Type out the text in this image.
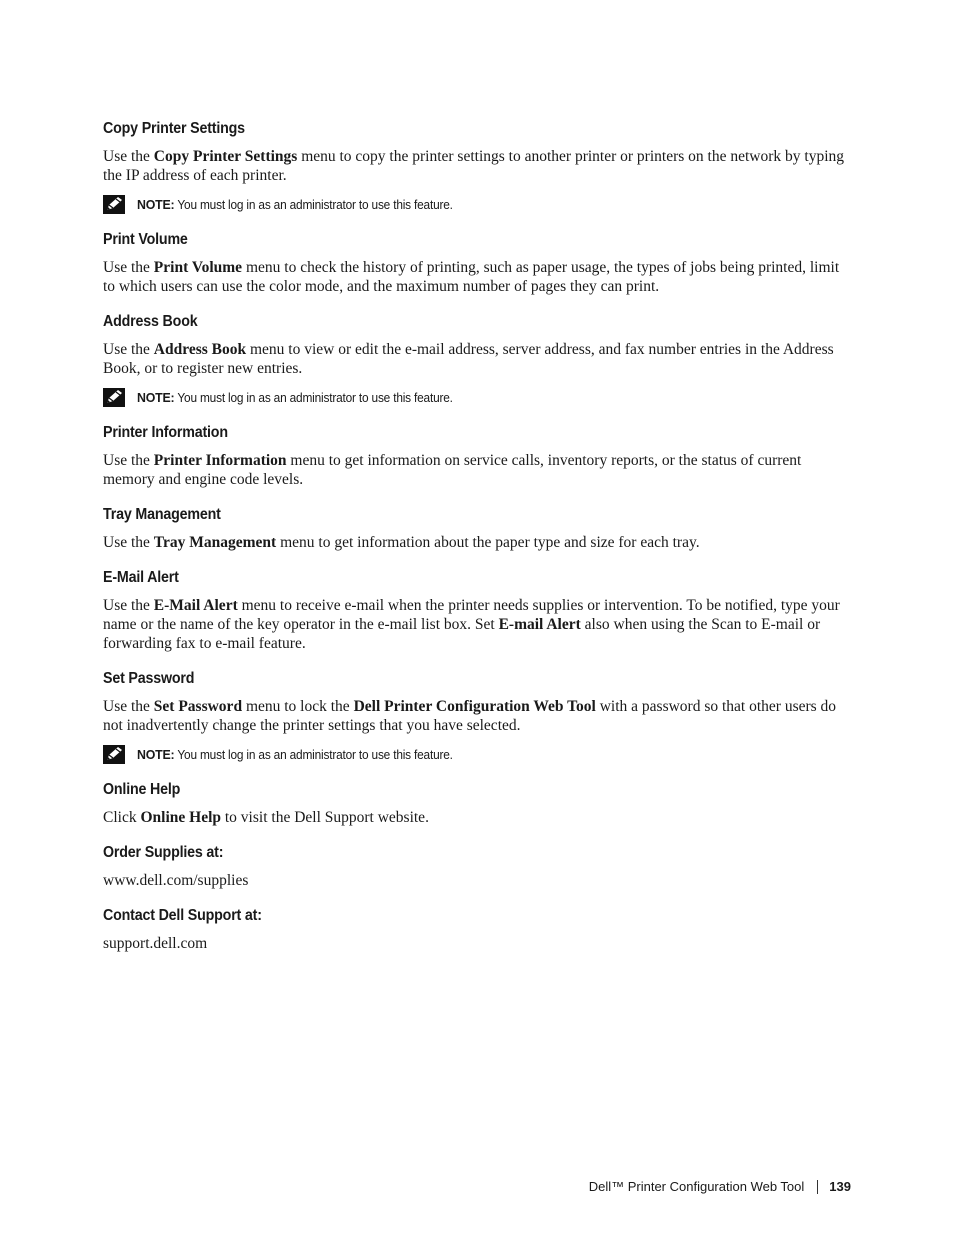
Copy Printer Settings

Use the Copy Printer Settings menu to copy the printer settings to another printer or printers on the network by typing the IP address of each printer.

NOTE: You must log in as an administrator to use this feature.
Print Volume

Use the Print Volume menu to check the history of printing, such as paper usage, the types of jobs being printed, limit to which users can use the color mode, and the maximum number of pages they can print.

Address Book

Use the Address Book menu to view or edit the e-mail address, server address, and fax number entries in the Address Book, or to register new entries.

NOTE: You must log in as an administrator to use this feature.
Printer Information

Use the Printer Information menu to get information on service calls, inventory reports, or the status of current memory and engine code levels.

Tray Management

Use the Tray Management menu to get information about the paper type and size for each tray.

E-Mail Alert

Use the E-Mail Alert menu to receive e-mail when the printer needs supplies or intervention. To be notified, type your name or the name of the key operator in the e-mail list box. Set E-mail Alert also when using the Scan to E-mail or forwarding fax to e-mail feature.

Set Password

Use the Set Password menu to lock the Dell Printer Configuration Web Tool with a password so that other users do not inadvertently change the printer settings that you have selected.

NOTE: You must log in as an administrator to use this feature.
Online Help

Click Online Help to visit the Dell Support website.

Order Supplies at:

www.dell.com/supplies

Contact Dell Support at:

support.dell.com

Dell™ Printer Configuration Web Tool 139
